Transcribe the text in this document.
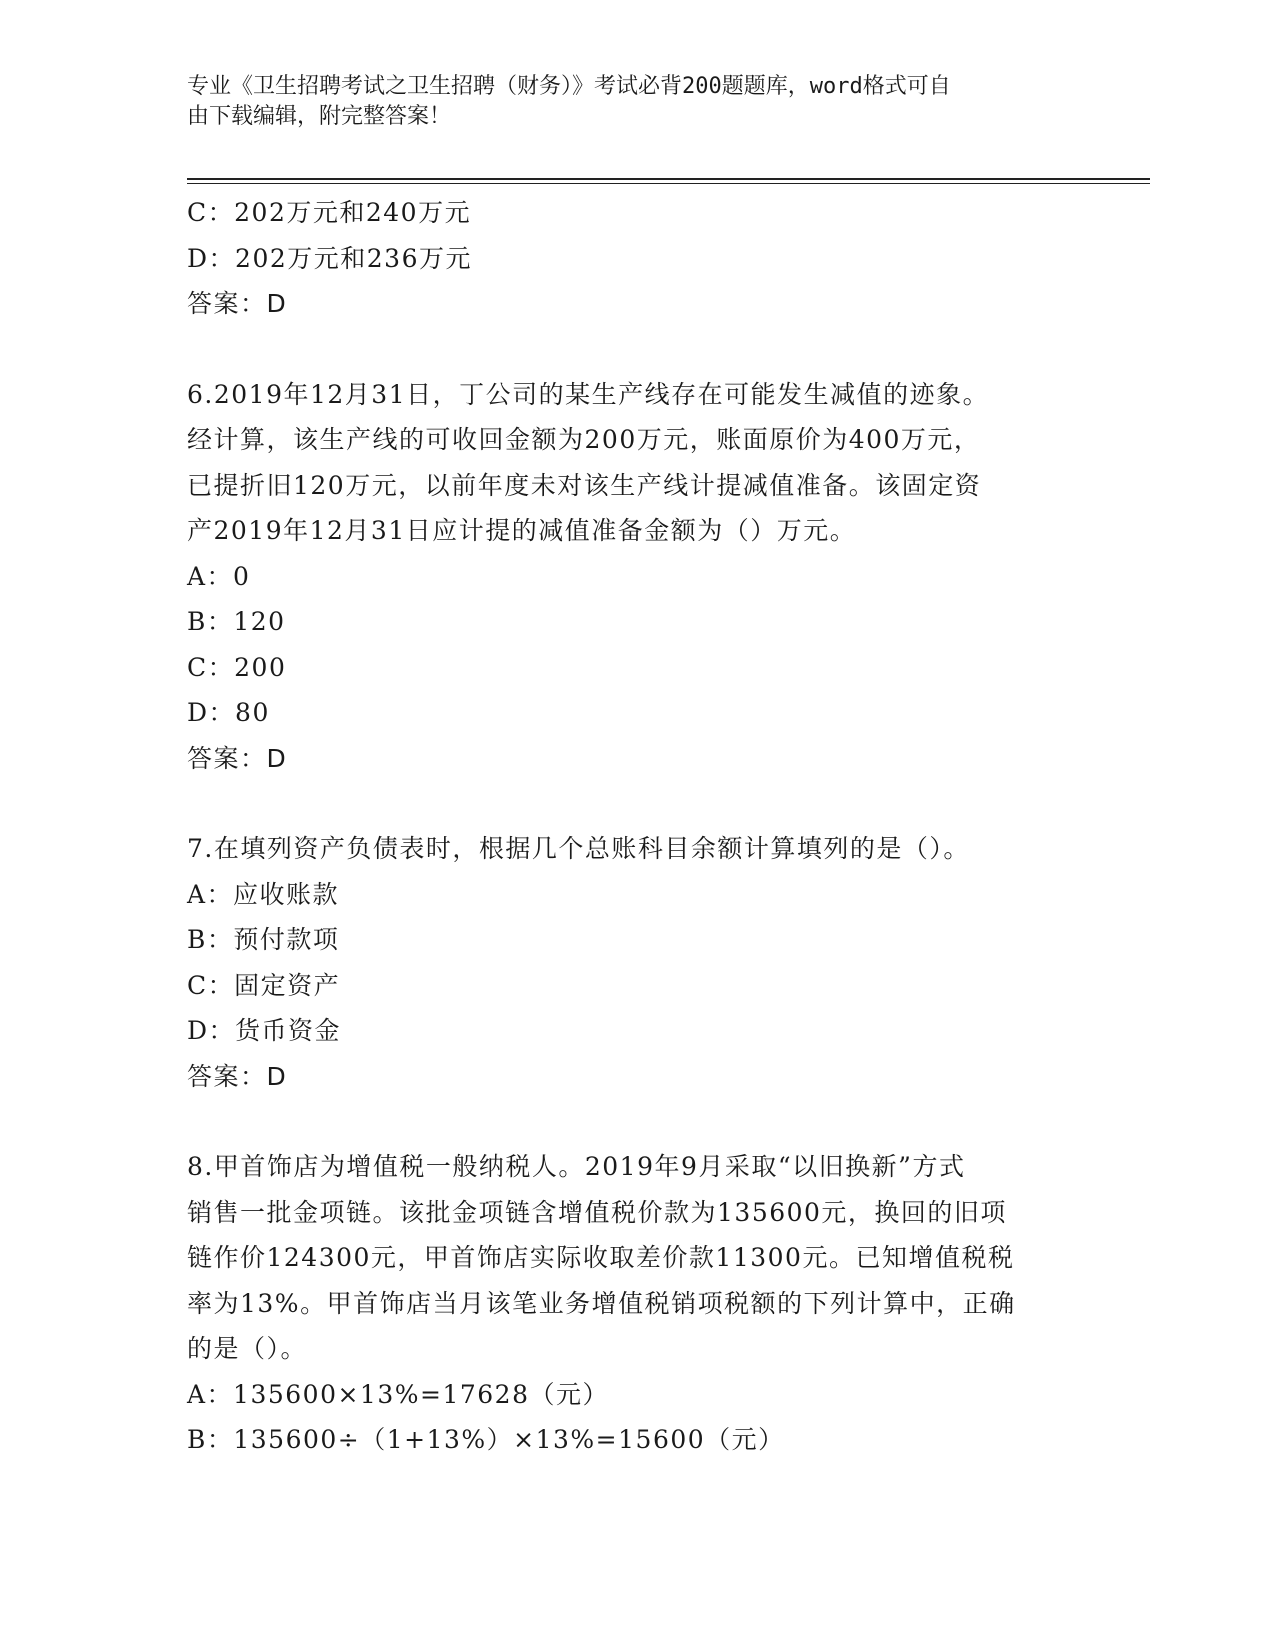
专业《卫生招聘考试之卫生招聘（财务）》考试必背200题题库，word格式可自
由下载编辑，附完整答案！
C：202万元和240万元
D：202万元和236万元
答案：D
6.2019年12月31日，丁公司的某生产线存在可能发生减值的迹象。
经计算，该生产线的可收回金额为200万元，账面原价为400万元，
已提折旧120万元，以前年度未对该生产线计提减值准备。该固定资
产2019年12月31日应计提的减值准备金额为（）万元。
A：0
B：120
C：200
D：80
答案：D
7.在填列资产负债表时，根据几个总账科目余额计算填列的是（）。
A：应收账款
B：预付款项
C：固定资产
D：货币资金
答案：D
8.甲首饰店为增值税一般纳税人。2019年9月采取“以旧换新”方式
销售一批金项链。该批金项链含增值税价款为135600元，换回的旧项
链作价124300元，甲首饰店实际收取差价款11300元。已知增值税税
率为13%。甲首饰店当月该笔业务增值税销项税额的下列计算中，正确
的是（）。
A：135600×13%=17628（元）
B：135600÷（1+13%）×13%=15600（元）
